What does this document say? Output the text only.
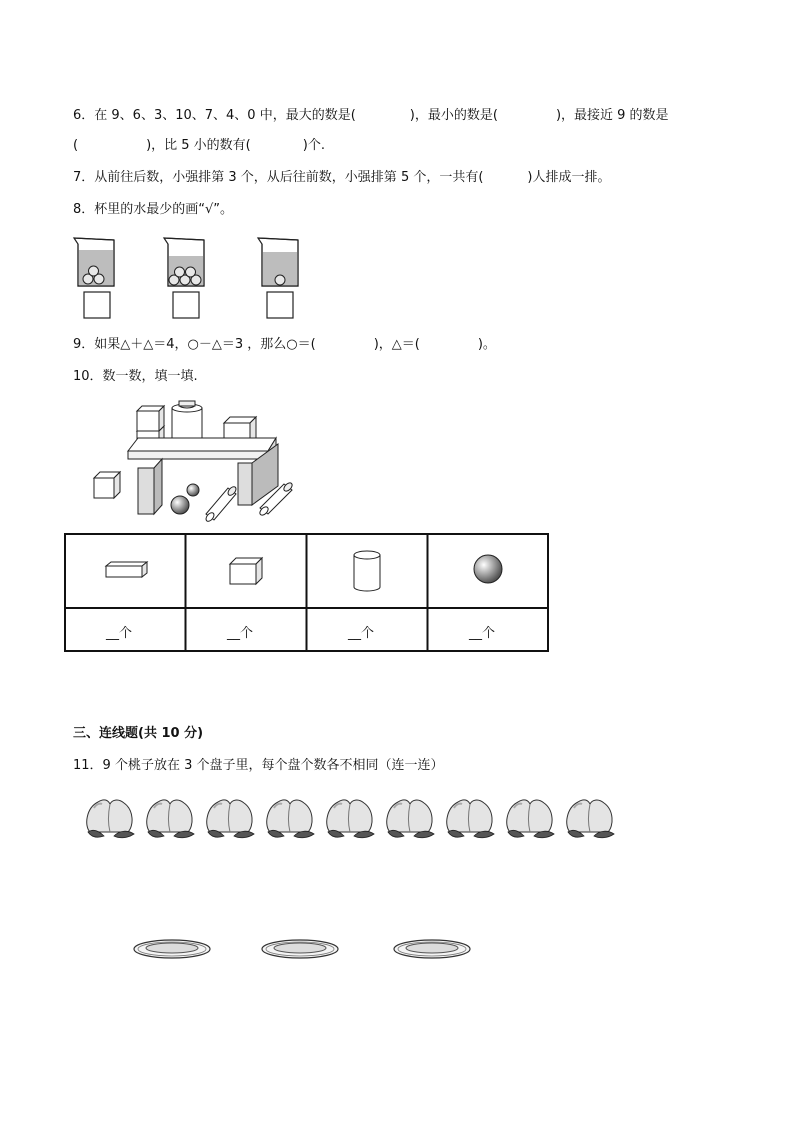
6．在 9、6、3、10、7、4、0 中，最大的数是(	)，最小的数是(	)，最接近 9 的数是
(	)，比 5 小的数有(	)个.
7．从前往后数，小强排第 3 个，从后往前数，小强排第 5 个，一共有(	)人排成一排。
8．杯里的水最少的画“√”。
9．如果△＋△＝4，○－△＝3 ，那么○＝(	)，△＝(	)。
10．数一数，填一填.
__个	__个	__个	__个
三、连线题(共 10 分)
11．9 个桃子放在 3 个盘子里，每个盘个数各不相同（连一连）
